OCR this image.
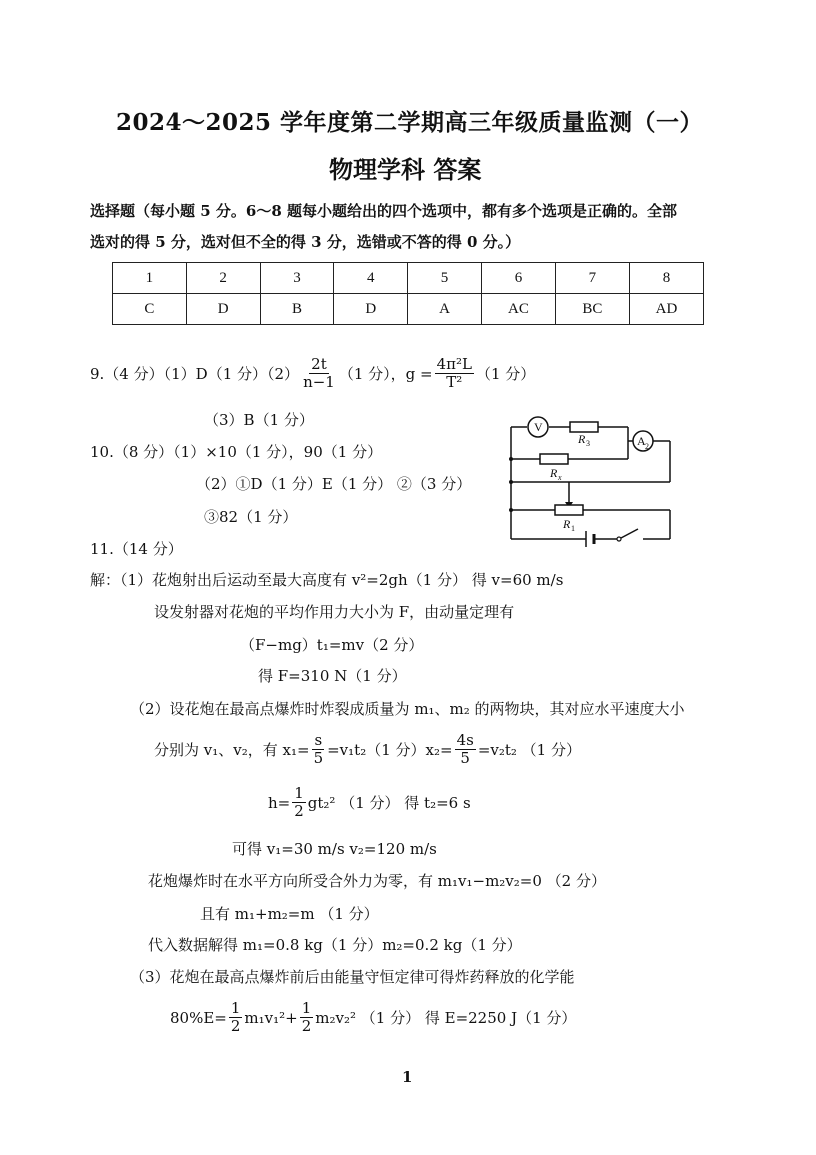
2024～2025 学年度第二学期高三年级质量监测（一）
物理学科 答案
选择题（每小题 5 分。6～8 题每小题给出的四个选项中，都有多个选项是正确的。全部
选对的得 5 分，选对但不全的得 3 分，选错或不答的得 0 分。）
1	2	3	4	5	6	7	8
C	D	B	D	A	AC	BC	AD
9.（4 分）（1）D（1 分）$(2) \frac{2t}{n-1} (1$ 分），$g = \frac{\text{4π²L}}{\text{T²}} (1$ 分）
（3）B（1 分）
10.（8 分）（1）×10（1 分），90（1 分）
（2）①D（1 分）E（1 分） ②（3 分）
③82（1 分）
V
A 2
R 3
R x
R 1
11.（14 分）
解：（1）花炮射出后运动至最大高度有 v²=2gh（1 分） 得 v=60 m/s
设发射器对花炮的平均作用力大小为 F，由动量定理有
（F−mg）t₁=mv（2 分）
得 F=310 N（1 分）
（2）设花炮在最高点爆炸时炸裂成质量为 m₁、m₂ 的两物块，其对应水平速度大小
分别为 v₁、v₂，有 $x_1= \frac{s}{5} =v_1t_2(1$ 分）$x_2= \frac{4s}{5} =v_2t_2$ （1 分）
$h= \frac{1}{2} gt_2^2$ （1 分） 得 t₂=6 s
可得 v₁=30 m/s v₂=120 m/s
花炮爆炸时在水平方向所受合外力为零，有 m₁v₁−m₂v₂=0 （2 分）
且有 m₁+m₂=m （1 分）
代入数据解得 m₁=0.8 kg（1 分）m₂=0.2 kg（1 分）
（3）花炮在最高点爆炸前后由能量守恒定律可得炸药释放的化学能
$80\%E= \frac{1}{2} m_1v_1^2+ \frac{1}{2} m_2v_2^2$ （1 分） 得 E=2250 J（1 分）
1
